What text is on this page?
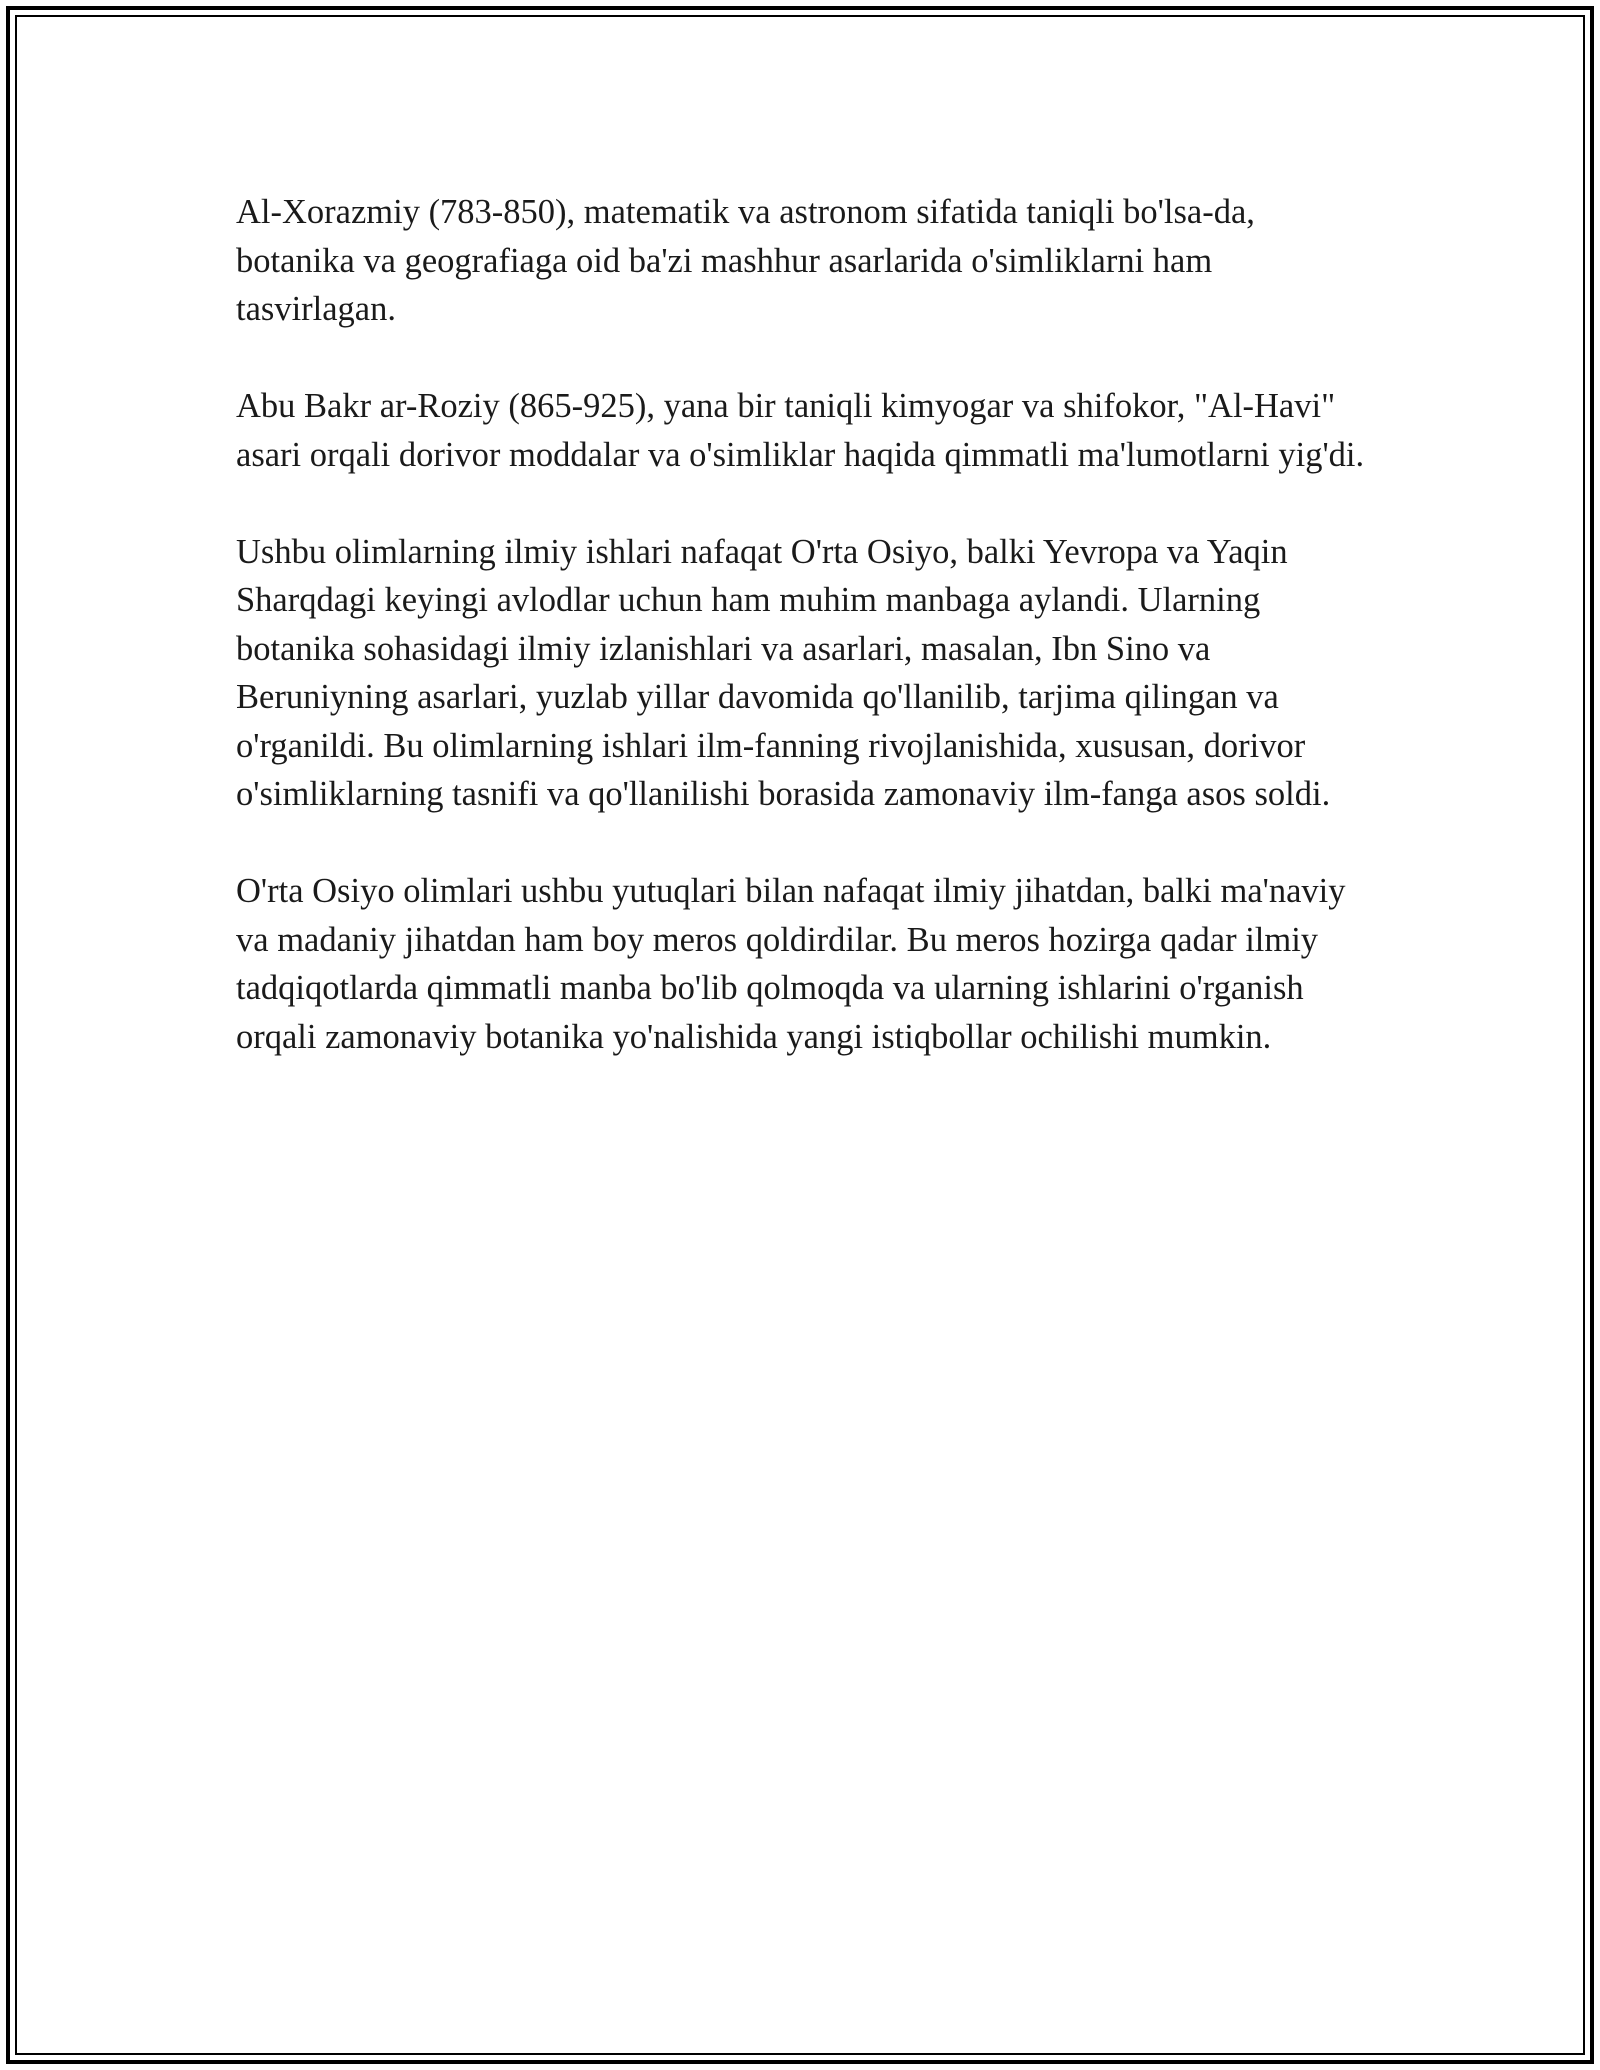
Al-Xorazmiy (783-850), matematik va astronom sifatida taniqli bo'lsa-da, botanika va geografiaga oid ba'zi mashhur asarlarida o'simliklarni ham tasvirlagan.

Abu Bakr ar-Roziy (865-925), yana bir taniqli kimyogar va shifokor, "Al-Havi" asari orqali dorivor moddalar va o'simliklar haqida qimmatli ma'lumotlarni yig'di.

Ushbu olimlarning ilmiy ishlari nafaqat O'rta Osiyo, balki Yevropa va Yaqin Sharqdagi keyingi avlodlar uchun ham muhim manbaga aylandi. Ularning botanika sohasidagi ilmiy izlanishlari va asarlari, masalan, Ibn Sino va Beruniyning asarlari, yuzlab yillar davomida qo'llanilib, tarjima qilingan va o'rganildi. Bu olimlarning ishlari ilm-fanning rivojlanishida, xususan, dorivor o'simliklarning tasnifi va qo'llanilishi borasida zamonaviy ilm-fanga asos soldi.

O'rta Osiyo olimlari ushbu yutuqlari bilan nafaqat ilmiy jihatdan, balki ma'naviy va madaniy jihatdan ham boy meros qoldirdilar. Bu meros hozirga qadar ilmiy tadqiqotlarda qimmatli manba bo'lib qolmoqda va ularning ishlarini o'rganish orqali zamonaviy botanika yo'nalishida yangi istiqbollar ochilishi mumkin.
